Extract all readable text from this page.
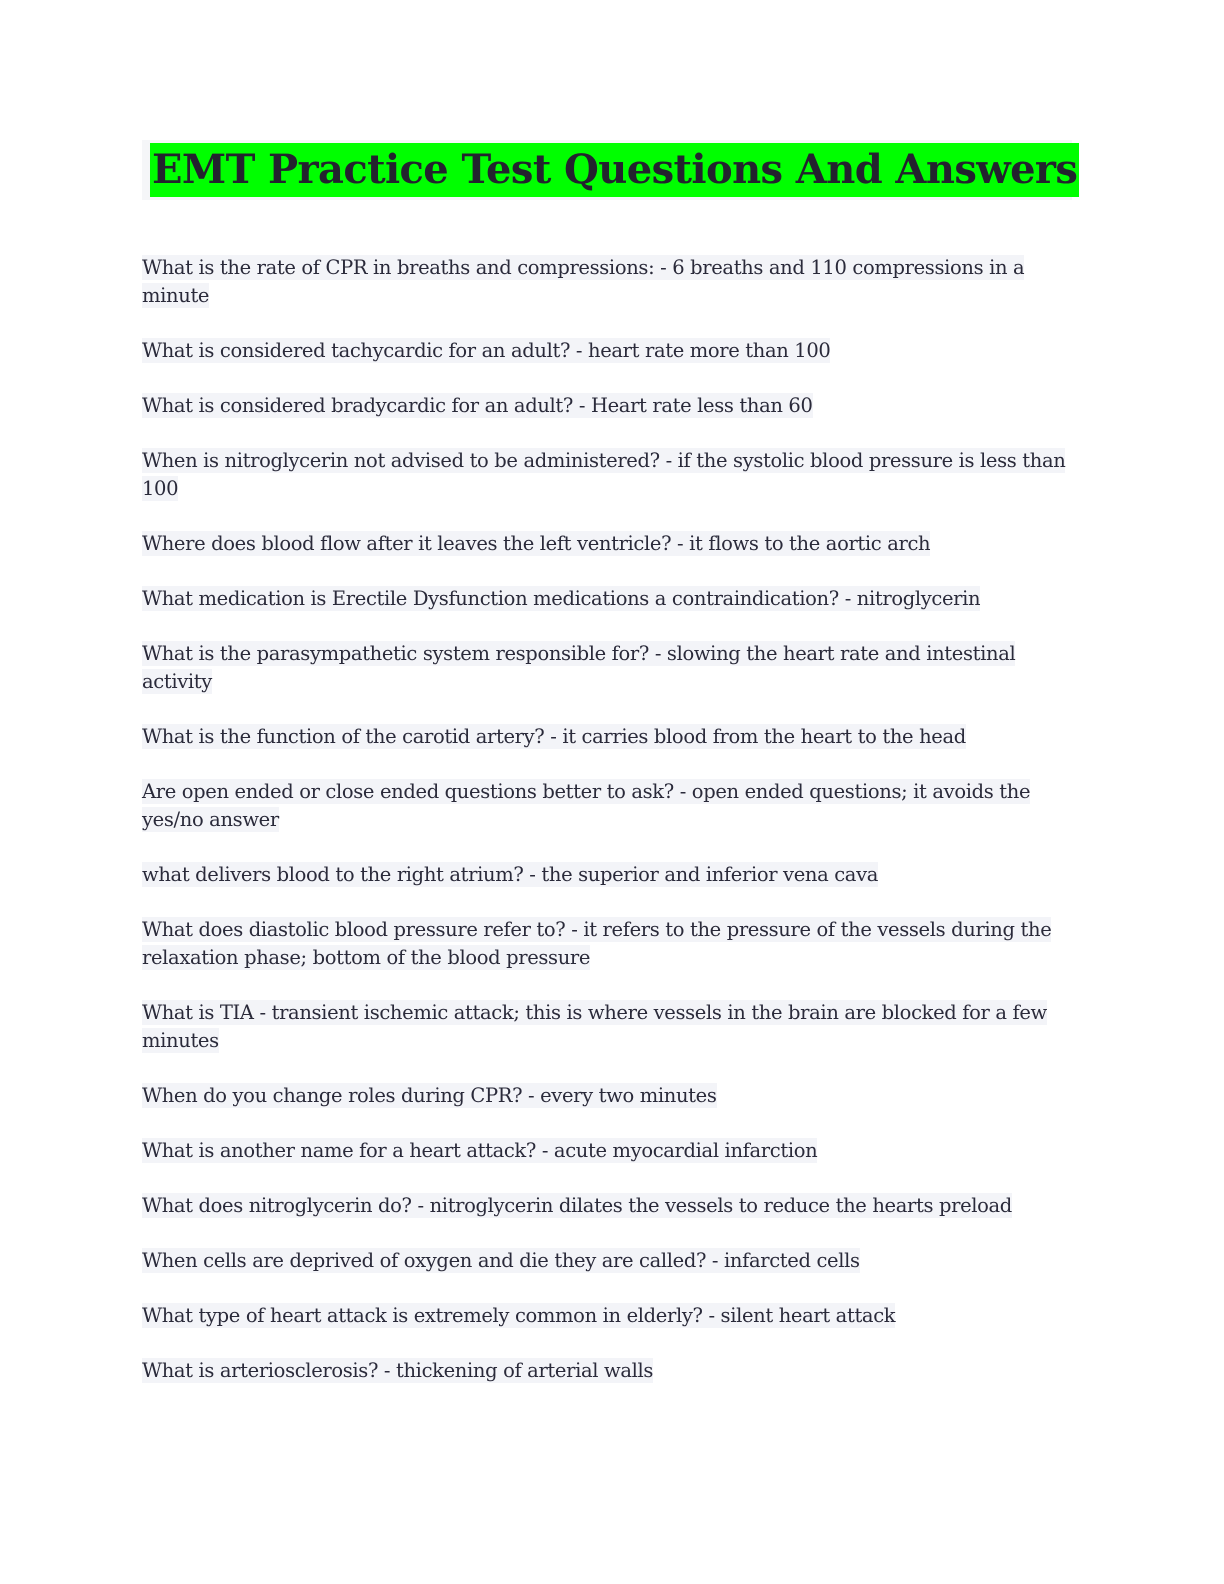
EMT Practice Test Questions And Answers

What is the rate of CPR in breaths and compressions: - 6 breaths and 110 compressions in a minute

What is considered tachycardic for an adult? - heart rate more than 100

What is considered bradycardic for an adult? - Heart rate less than 60

When is nitroglycerin not advised to be administered? - if the systolic blood pressure is less than 100

Where does blood flow after it leaves the left ventricle? - it flows to the aortic arch

What medication is Erectile Dysfunction medications a contraindication? - nitroglycerin

What is the parasympathetic system responsible for? - slowing the heart rate and intestinal activity

What is the function of the carotid artery? - it carries blood from the heart to the head

Are open ended or close ended questions better to ask? - open ended questions; it avoids the yes/no answer

what delivers blood to the right atrium? - the superior and inferior vena cava

What does diastolic blood pressure refer to? - it refers to the pressure of the vessels during the relaxation phase; bottom of the blood pressure

What is TIA - transient ischemic attack; this is where vessels in the brain are blocked for a few minutes

When do you change roles during CPR? - every two minutes

What is another name for a heart attack? - acute myocardial infarction

What does nitroglycerin do? - nitroglycerin dilates the vessels to reduce the hearts preload

When cells are deprived of oxygen and die they are called? - infarcted cells

What type of heart attack is extremely common in elderly? - silent heart attack

What is arteriosclerosis? - thickening of arterial walls
